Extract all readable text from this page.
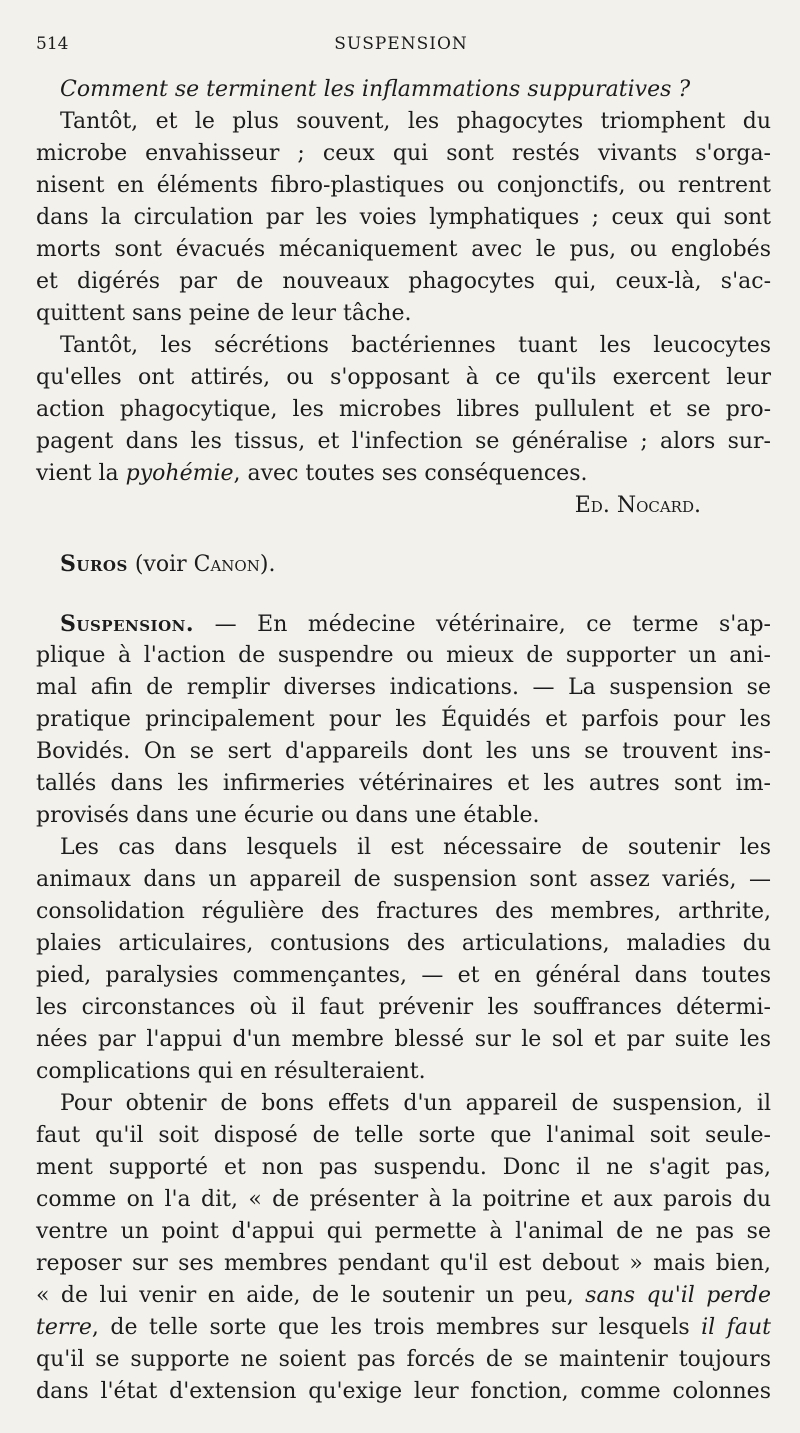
514	SUSPENSION
Comment se terminent les inflammations suppuratives ?
Tantôt, et le plus souvent, les phagocytes triomphent du
microbe envahisseur ; ceux qui sont restés vivants s'orga-
nisent en éléments fibro-plastiques ou conjonctifs, ou rentrent
dans la circulation par les voies lymphatiques ; ceux qui sont
morts sont évacués mécaniquement avec le pus, ou englobés
et digérés par de nouveaux phagocytes qui, ceux-là, s'ac-
quittent sans peine de leur tâche.
Tantôt, les sécrétions bactériennes tuant les leucocytes
qu'elles ont attirés, ou s'opposant à ce qu'ils exercent leur
action phagocytique, les microbes libres pullulent et se pro-
pagent dans les tissus, et l'infection se généralise ; alors sur-
vient la pyohémie, avec toutes ses conséquences.
Ed. Nocard.
Suros (voir Canon).
Suspension. — En médecine vétérinaire, ce terme s'ap-
plique à l'action de suspendre ou mieux de supporter un ani-
mal afin de remplir diverses indications. — La suspension se
pratique principalement pour les Équidés et parfois pour les
Bovidés. On se sert d'appareils dont les uns se trouvent ins-
tallés dans les infirmeries vétérinaires et les autres sont im-
provisés dans une écurie ou dans une étable.
Les cas dans lesquels il est nécessaire de soutenir les
animaux dans un appareil de suspension sont assez variés, —
consolidation régulière des fractures des membres, arthrite,
plaies articulaires, contusions des articulations, maladies du
pied, paralysies commençantes, — et en général dans toutes
les circonstances où il faut prévenir les souffrances détermi-
nées par l'appui d'un membre blessé sur le sol et par suite les
complications qui en résulteraient.
Pour obtenir de bons effets d'un appareil de suspension, il
faut qu'il soit disposé de telle sorte que l'animal soit seule-
ment supporté et non pas suspendu. Donc il ne s'agit pas,
comme on l'a dit, « de présenter à la poitrine et aux parois du
ventre un point d'appui qui permette à l'animal de ne pas se
reposer sur ses membres pendant qu'il est debout » mais bien,
« de lui venir en aide, de le soutenir un peu, sans qu'il perde
terre, de telle sorte que les trois membres sur lesquels il faut
qu'il se supporte ne soient pas forcés de se maintenir toujours
dans l'état d'extension qu'exige leur fonction, comme colonnes
